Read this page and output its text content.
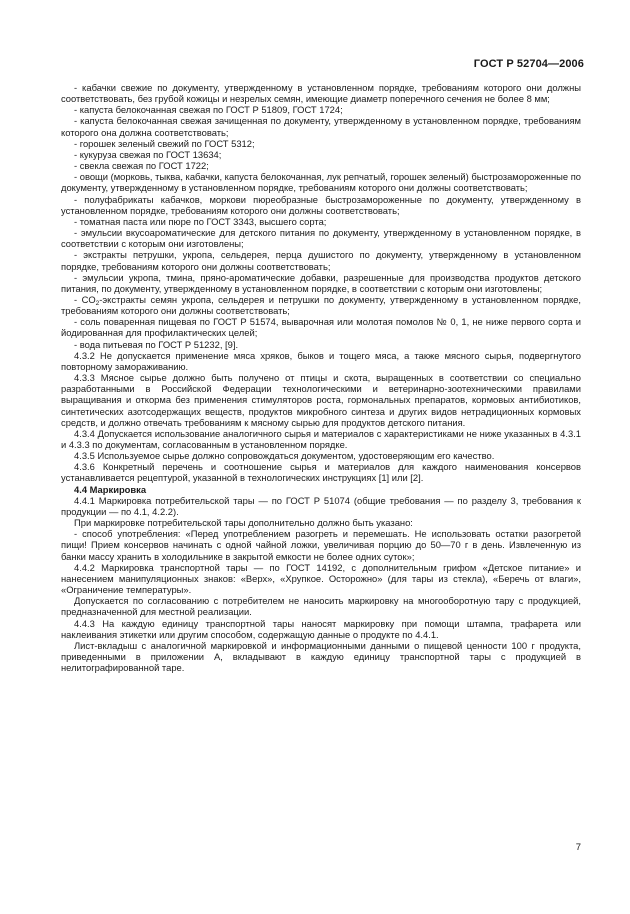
ГОСТ Р 52704—2006

- кабачки свежие по документу, утвержденному в установленном порядке, требованиям которого они должны соответствовать, без грубой кожицы и незрелых семян, имеющие диаметр поперечного сечения не более 8 мм;

- капуста белокочанная свежая по ГОСТ Р 51809, ГОСТ 1724;

- капуста белокочанная свежая зачищенная по документу, утвержденному в установленном порядке, требованиям которого она должна соответствовать;

- горошек зеленый свежий по ГОСТ 5312;

- кукуруза свежая по ГОСТ 13634;

- свекла свежая по ГОСТ 1722;

- овощи (морковь, тыква, кабачки, капуста белокочанная, лук репчатый, горошек зеленый) быстрозамороженные по документу, утвержденному в установленном порядке, требованиям которого они должны соответствовать;

- полуфабрикаты кабачков, моркови пюреобразные быстрозамороженные по документу, утвержденному в установленном порядке, требованиям которого они должны соответствовать;

- томатная паста или пюре по ГОСТ 3343, высшего сорта;

- эмульсии вкусоароматические для детского питания по документу, утвержденному в установленном порядке, в соответствии с которым они изготовлены;

- экстракты петрушки, укропа, сельдерея, перца душистого по документу, утвержденному в установленном порядке, требованиям которого они должны соответствовать;

- эмульсии укропа, тмина, пряно-ароматические добавки, разрешенные для производства продуктов детского питания, по документу, утвержденному в установленном порядке, в соответствии с которым они изготовлены;

- $CO_2$-экстракты семян укропа, сельдерея и петрушки по документу, утвержденному в установленном порядке, требованиям которого они должны соответствовать;

- соль поваренная пищевая по ГОСТ Р 51574, выварочная или молотая помолов № 0, 1, не ниже первого сорта и йодированная для профилактических целей;

- вода питьевая по ГОСТ Р 51232, [9].

4.3.2 Не допускается применение мяса хряков, быков и тощего мяса, а также мясного сырья, подвергнутого повторному замораживанию.

4.3.3 Мясное сырье должно быть получено от птицы и скота, выращенных в соответствии со специально разработанными в Российской Федерации технологическими и ветеринарно-зоотехническими правилами выращивания и откорма без применения стимуляторов роста, гормональных препаратов, кормовых антибиотиков, синтетических азотсодержащих веществ, продуктов микробного синтеза и других видов нетрадиционных кормовых средств, и должно отвечать требованиям к мясному сырью для продуктов детского питания.

4.3.4 Допускается использование аналогичного сырья и материалов с характеристиками не ниже указанных в 4.3.1 и 4.3.3 по документам, согласованным в установленном порядке.

4.3.5 Используемое сырье должно сопровождаться документом, удостоверяющим его качество.

4.3.6 Конкретный перечень и соотношение сырья и материалов для каждого наименования консервов устанавливается рецептурой, указанной в технологических инструкциях [1] или [2].

4.4 Маркировка

4.4.1 Маркировка потребительской тары — по ГОСТ Р 51074 (общие требования — по разделу 3, требования к продукции — по 4.1, 4.2.2).

При маркировке потребительской тары дополнительно должно быть указано:

- способ употребления: «Перед употреблением разогреть и перемешать. Не использовать остатки разогретой пищи! Прием консервов начинать с одной чайной ложки, увеличивая порцию до 50—70 г в день. Извлеченную из банки массу хранить в холодильнике в закрытой емкости не более одних суток»;

4.4.2 Маркировка транспортной тары — по ГОСТ 14192, с дополнительным грифом «Детское питание» и нанесением манипуляционных знаков: «Верх», «Хрупкое. Осторожно» (для тары из стекла), «Беречь от влаги», «Ограничение температуры».

Допускается по согласованию с потребителем не наносить маркировку на многооборотную тару с продукцией, предназначенной для местной реализации.

4.4.3 На каждую единицу транспортной тары наносят маркировку при помощи штампа, трафарета или наклеивания этикетки или другим способом, содержащую данные о продукте по 4.4.1.

Лист-вкладыш с аналогичной маркировкой и информационными данными о пищевой ценности 100 г продукта, приведенными в приложении А, вкладывают в каждую единицу транспортной тары с продукцией в нелитографированной таре.

7
